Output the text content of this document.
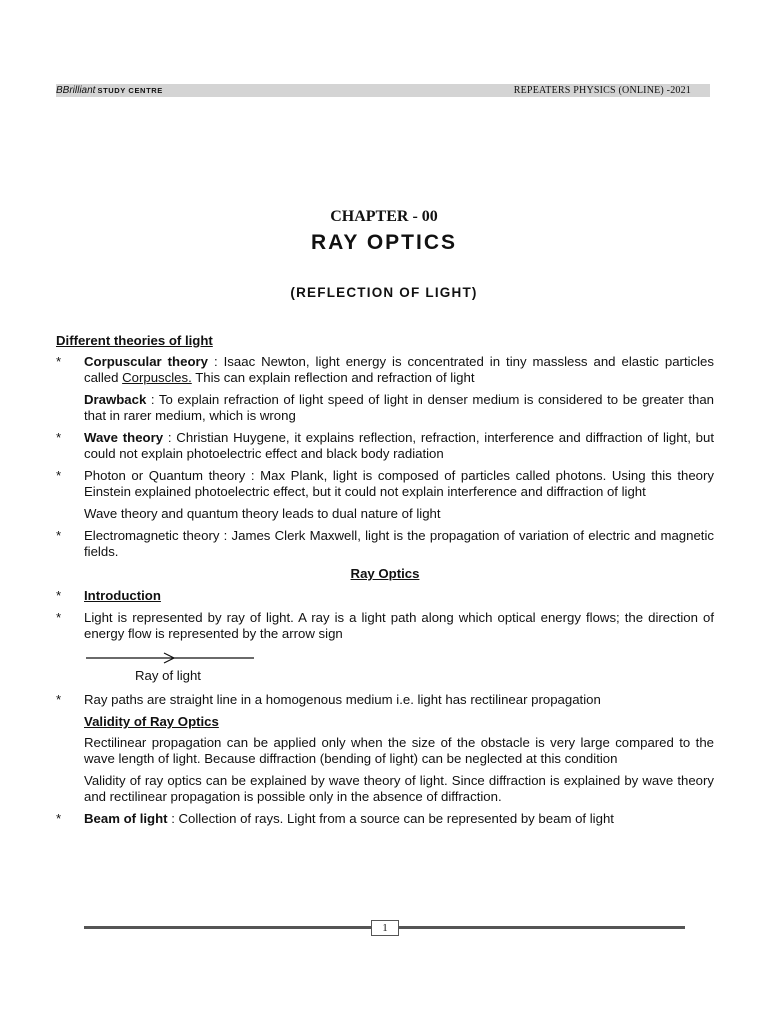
BBrilliant STUDY CENTRE	REPEATERS PHYSICS (ONLINE) -2021
CHAPTER - 00
RAY OPTICS
(REFLECTION OF LIGHT)
Different theories of light
* Corpuscular theory : Isaac Newton, light energy is concentrated in tiny massless and elastic particles called Corpuscles. This can explain reflection and refraction of light
Drawback : To explain refraction of light speed of light in denser medium is considered to be greater than that in rarer medium, which is wrong
* Wave theory : Christian Huygene, it explains reflection, refraction, interference and diffraction of light, but could not explain photoelectric effect and black body radiation
* Photon or Quantum theory : Max Plank, light is composed of particles called photons. Using this theory Einstein explained photoelectric effect, but it could not explain interference and diffraction of light
Wave theory and quantum theory leads to dual nature of light
* Electromagnetic theory : James Clerk Maxwell, light is the propagation of variation of electric and magnetic fields.
Ray Optics
* Introduction
* Light is represented by ray of light. A ray is a light path along which optical energy flows; the direction of energy flow is represented by the arrow sign
Ray of light
* Ray paths are straight line in a homogenous medium i.e. light has rectilinear propagation
Validity of Ray Optics
Rectilinear propagation can be applied only when the size of the obstacle is very large compared to the wave length of light. Because diffraction (bending of light) can be neglected at this condition
Validity of ray optics can be explained by wave theory of light. Since diffraction is explained by wave theory and rectilinear propagation is possible only in the absence of diffraction.
* Beam of light : Collection of rays. Light from a source can be represented by beam of light
1
